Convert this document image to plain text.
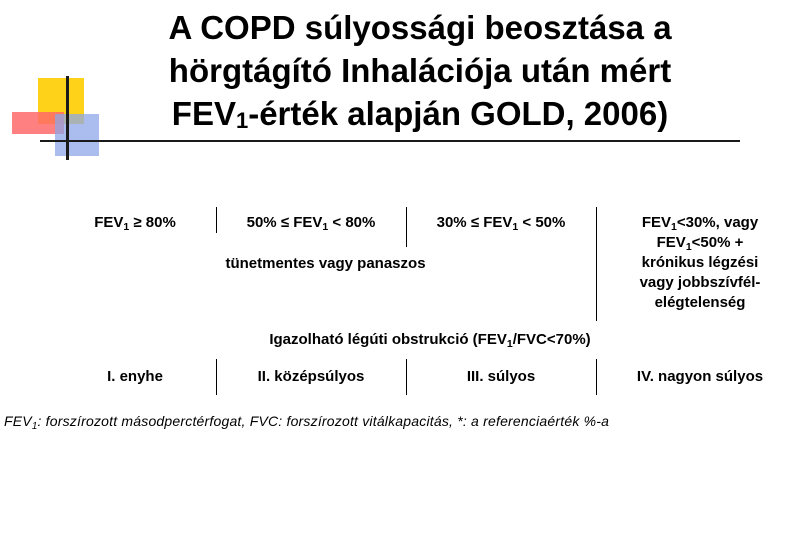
A COPD súlyossági beosztása a
hörgtágító Inhalációja után mért
$FEV_1$-érték alapján GOLD, 2006)
$FEV_1 \ge 80\%$	$50\% \le FEV_1 < 80\%$	$30\% \le FEV_1 < 50\%$	$FEV_1<30\%$, vagy
$FEV_1<50\%$ +
krónikus légzési
vagy jobbszívfél-
elégtelenség
tünetmentes vagy panaszos
Igazolható légúti obstrukció $(FEV_1/FVC<70\%)$
I. enyhe	II. középsúlyos	III. súlyos	IV. nagyon súlyos
$FEV_1$: forszírozott másodperctérfogat, FVC: forszírozott vitálkapacitás, *: a referenciaérték %-a
